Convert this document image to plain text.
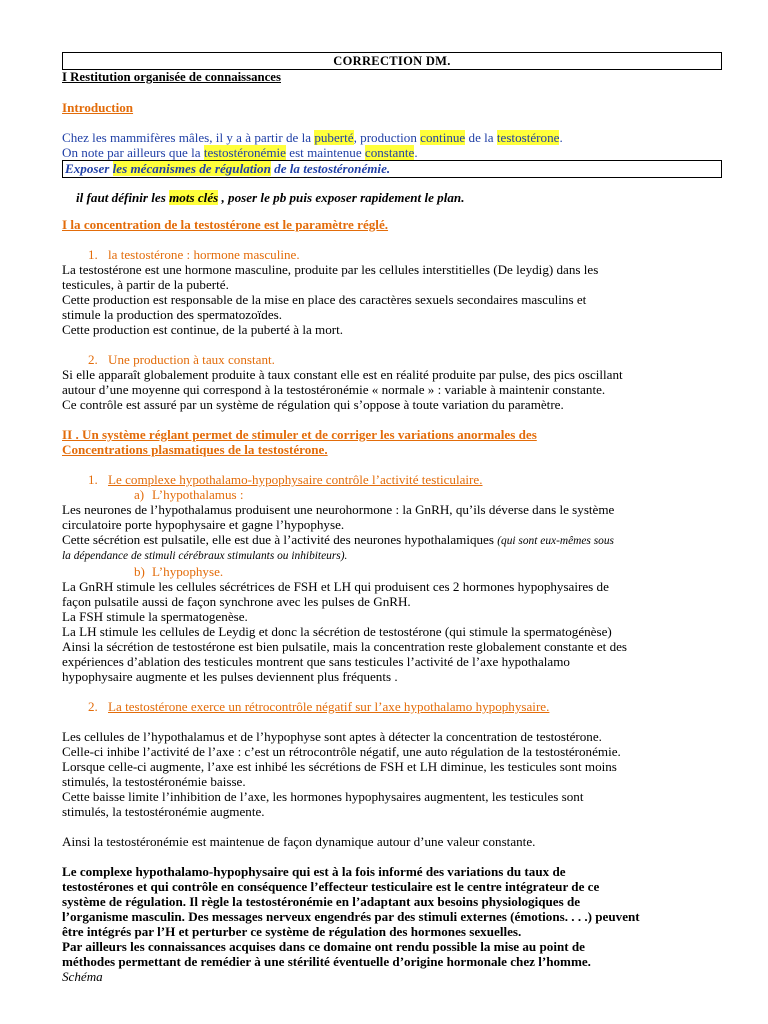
CORRECTION DM.
I Restitution organisée de connaissances
Introduction
Chez les mammifères mâles, il y a à partir de la puberté, production continue de la testostérone.
On note par ailleurs que la testostéronémie est maintenue constante.
Exposer les mécanismes de régulation de la testostéronémie.
il faut définir les mots clés , poser le pb puis exposer rapidement le plan.
I la concentration de la testostérone est le paramètre réglé.
1. la testostérone : hormone masculine.
La testostérone est une hormone masculine, produite par les cellules interstitielles (De leydig) dans les
testicules, à partir de la puberté.
Cette production est responsable de la mise en place des caractères sexuels secondaires masculins et
stimule la production des spermatozoïdes.
Cette production est continue, de la puberté à la mort.
2. Une production à taux constant.
Si elle apparaît globalement produite à taux constant elle est en réalité produite par pulse, des pics oscillant
autour d’une moyenne qui correspond à la testostéronémie « normale » : variable à maintenir constante.
Ce contrôle est assuré par un système de régulation qui s’oppose à toute variation du paramètre.
II . Un système réglant permet de stimuler et de corriger les variations anormales des
Concentrations plasmatiques de la testostérone.
1. Le complexe hypothalamo-hypophysaire contrôle l’activité testiculaire.
a) L’hypothalamus :
Les neurones de l’hypothalamus produisent une neurohormone : la GnRH, qu’ils déverse dans le système
circulatoire porte hypophysaire et gagne l’hypophyse.
Cette sécrétion est pulsatile, elle est due à l’activité des neurones hypothalamiques (qui sont eux-mêmes sous
la dépendance de stimuli cérébraux stimulants ou inhibiteurs).
b) L’hypophyse.
La GnRH stimule les cellules sécrétrices de FSH et LH qui produisent ces 2 hormones hypophysaires de
façon pulsatile aussi de façon synchrone avec les pulses de GnRH.
La FSH stimule la spermatogenèse.
La LH stimule les cellules de Leydig et donc la sécrétion de testostérone (qui stimule la spermatogénèse)
Ainsi la sécrétion de testostérone est bien pulsatile, mais la concentration reste globalement constante et des
expériences d’ablation des testicules montrent que sans testicules l’activité de l’axe hypothalamo
hypophysaire augmente et les pulses deviennent plus fréquents .
2. La testostérone exerce un rétrocontrôle négatif sur l’axe hypothalamo hypophysaire.
Les cellules de l’hypothalamus et de l’hypophyse sont aptes à détecter la concentration de testostérone.
Celle-ci inhibe l’activité de l’axe : c’est un rétrocontrôle négatif, une auto régulation de la testostéronémie.
Lorsque celle-ci augmente, l’axe est inhibé les sécrétions de FSH et LH diminue, les testicules sont moins
stimulés, la testostéronémie baisse.
Cette baisse limite l’inhibition de l’axe, les hormones hypophysaires augmentent, les testicules sont
stimulés, la testostéronémie augmente.
Ainsi la testostéronémie est maintenue de façon dynamique autour d’une valeur constante.
Le complexe hypothalamo-hypophysaire qui est à la fois informé des variations du taux de
testostérones et qui contrôle en conséquence l’effecteur testiculaire est le centre intégrateur de ce
système de régulation. Il règle la testostéronémie en l’adaptant aux besoins physiologiques de
l’organisme masculin. Des messages nerveux engendrés par des stimuli externes (émotions. . . .) peuvent
être intégrés par l’H et perturber ce système de régulation des hormones sexuelles.
Par ailleurs les connaissances acquises dans ce domaine ont rendu possible la mise au point de
méthodes permettant de remédier à une stérilité éventuelle d’origine hormonale chez l’homme.
Schéma
